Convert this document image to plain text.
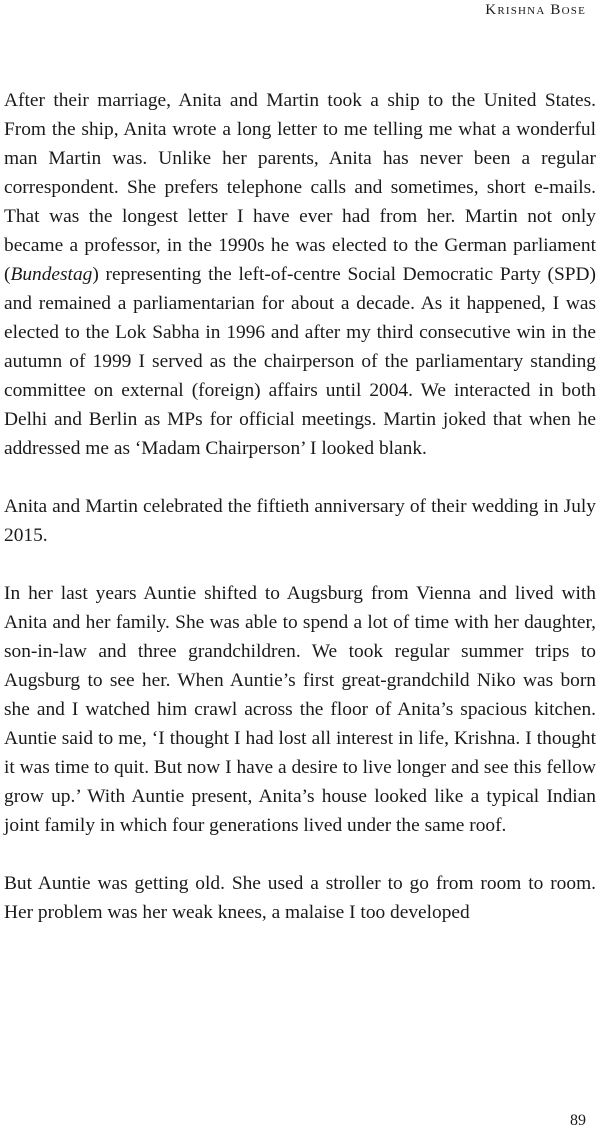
Krishna Bose

After their marriage, Anita and Martin took a ship to the United States. From the ship, Anita wrote a long letter to me telling me what a wonderful man Martin was. Unlike her parents, Anita has never been a regular correspondent. She prefers telephone calls and sometimes, short e-mails. That was the longest letter I have ever had from her. Martin not only became a professor, in the 1990s he was elected to the German parliament (Bundestag) representing the left-of-centre Social Democratic Party (SPD) and remained a parliamentarian for about a decade. As it happened, I was elected to the Lok Sabha in 1996 and after my third consecutive win in the autumn of 1999 I served as the chairperson of the parliamentary standing committee on external (foreign) affairs until 2004. We interacted in both Delhi and Berlin as MPs for official meetings. Martin joked that when he addressed me as ‘Madam Chairperson’ I looked blank.

Anita and Martin celebrated the fiftieth anniversary of their wedding in July 2015.

In her last years Auntie shifted to Augsburg from Vienna and lived with Anita and her family. She was able to spend a lot of time with her daughter, son-in-law and three grandchildren. We took regular summer trips to Augsburg to see her. When Auntie’s first great-grandchild Niko was born she and I watched him crawl across the floor of Anita’s spacious kitchen. Auntie said to me, ‘I thought I had lost all interest in life, Krishna. I thought it was time to quit. But now I have a desire to live longer and see this fellow grow up.’ With Auntie present, Anita’s house looked like a typical Indian joint family in which four generations lived under the same roof.

But Auntie was getting old. She used a stroller to go from room to room. Her problem was her weak knees, a malaise I too developed

89
